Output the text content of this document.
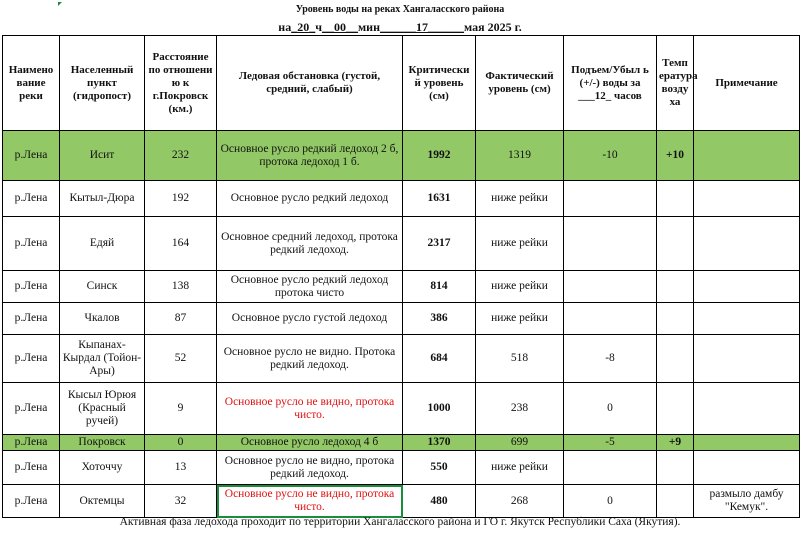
Уровень воды на реках Хангаласского района
на_20_ч__00__мин______17______мая 2025 г.
Наимено вание реки	Населенный пункт (гидропост)	Расстояние по отношени ю к г.Покровск (км.)	Ледовая обстановка (густой, средний, слабый)	Критически й уровень (см)	Фактический уровень (см)	Подъем/Убыл ь (+/-) воды за ___12_ часов	Темп ература возду ха	Примечание
р.Лена	Исит	232	Основное русло редкий ледоход 2 б, протока ледоход 1 б.	1992	1319	-10	+10	
р.Лена	Кытыл-Дюра	192	Основное русло редкий ледоход	1631	ниже рейки			
р.Лена	Едяй	164	Основное средний ледоход, протока редкий ледоход.	2317	ниже рейки			
р.Лена	Синск	138	Основное русло редкий ледоход протока чисто	814	ниже рейки			
р.Лена	Чкалов	87	Основное русло густой ледоход	386	ниже рейки			
р.Лена	Кыпанах-Кырдал (Тойон-Ары)	52	Основное русло не видно. Протока редкий ледоход.	684	518	-8		
р.Лена	Кысыл Юрюя (Красный ручей)	9	Основное русло не видно, протока чисто.	1000	238	0		
р.Лена	Покровск	0	Основное русло ледоход 4 б	1370	699	-5	+9	
р.Лена	Хоточчу	13	Основное русло не видно, протока редкий ледоход.	550	ниже рейки			
р.Лена	Октемцы	32	Основное русло не видно, протока чисто.	480	268	0		размыло дамбу "Кемук".
Активная фаза ледохода проходит по территории Хангаласского района и ГО г. Якутск Республики Саха (Якутия).
